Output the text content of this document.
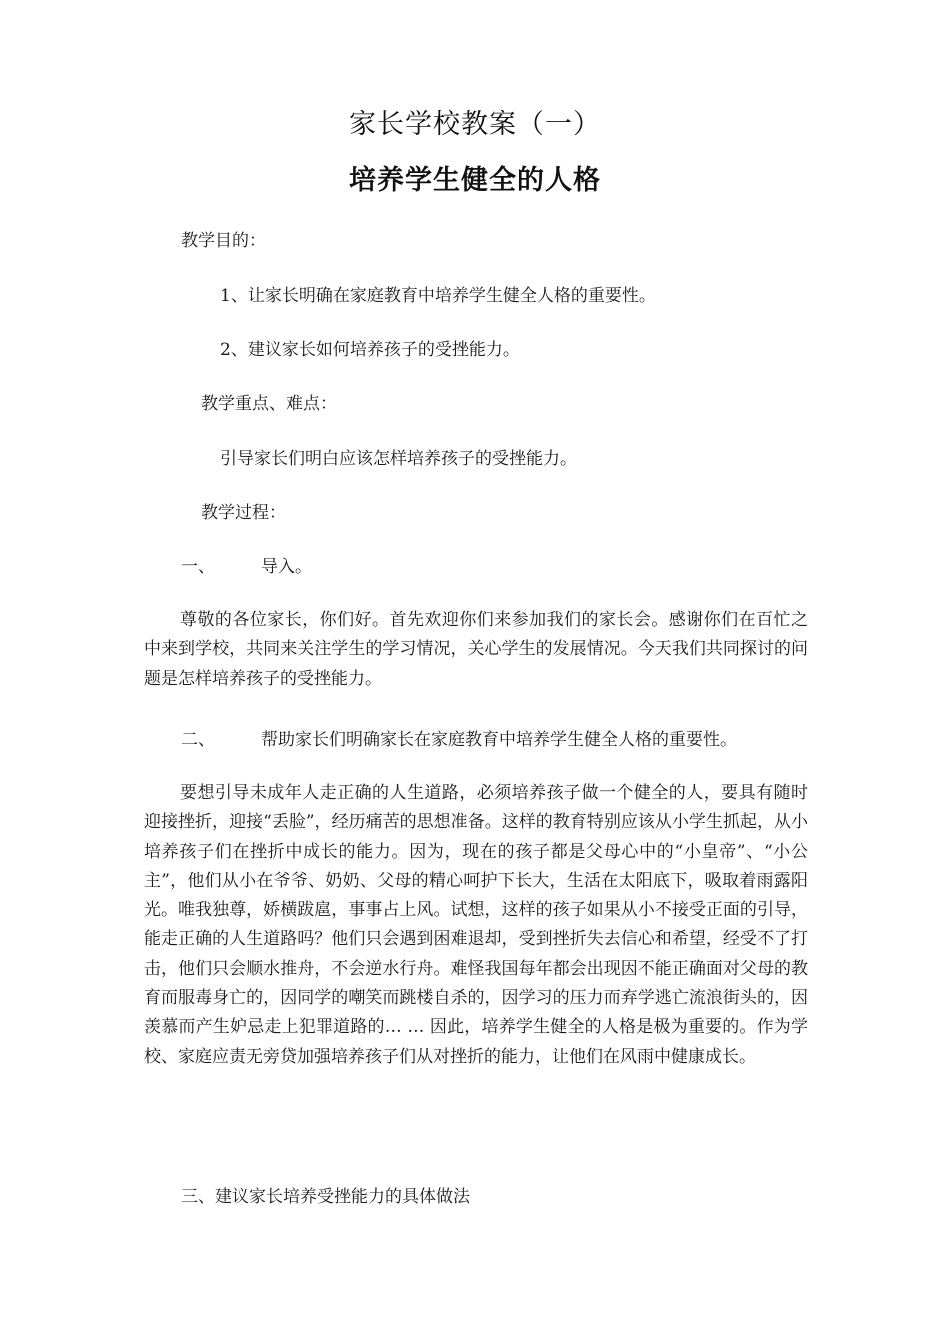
家长学校教案（一）
培养学生健全的人格
教学目的：
1、让家长明确在家庭教育中培养学生健全人格的重要性。
2、建议家长如何培养孩子的受挫能力。
教学重点、难点：
引导家长们明白应该怎样培养孩子的受挫能力。
教学过程：
一、	导入。
尊敬的各位家长，你们好。首先欢迎你们来参加我们的家长会。感谢你们在百忙之中来到学校，共同来关注学生的学习情况，关心学生的发展情况。今天我们共同探讨的问题是怎样培养孩子的受挫能力。
二、	帮助家长们明确家长在家庭教育中培养学生健全人格的重要性。
要想引导未成年人走正确的人生道路，必须培养孩子做一个健全的人，要具有随时迎接挫折，迎接“丢脸”，经历痛苦的思想准备。这样的教育特别应该从小学生抓起，从小培养孩子们在挫折中成长的能力。因为，现在的孩子都是父母心中的“小皇帝”、“小公主”，他们从小在爷爷、奶奶、父母的精心呵护下长大，生活在太阳底下，吸取着雨露阳光。唯我独尊，娇横跋扈，事事占上风。试想，这样的孩子如果从小不接受正面的引导，能走正确的人生道路吗？他们只会遇到困难退却，受到挫折失去信心和希望，经受不了打击，他们只会顺水推舟，不会逆水行舟。难怪我国每年都会出现因不能正确面对父母的教育而服毒身亡的，因同学的嘲笑而跳楼自杀的，因学习的压力而弃学逃亡流浪街头的，因羡慕而产生妒忌走上犯罪道路的… … 因此，培养学生健全的人格是极为重要的。作为学校、家庭应责无旁贷加强培养孩子们从对挫折的能力，让他们在风雨中健康成长。
三、建议家长培养受挫能力的具体做法
